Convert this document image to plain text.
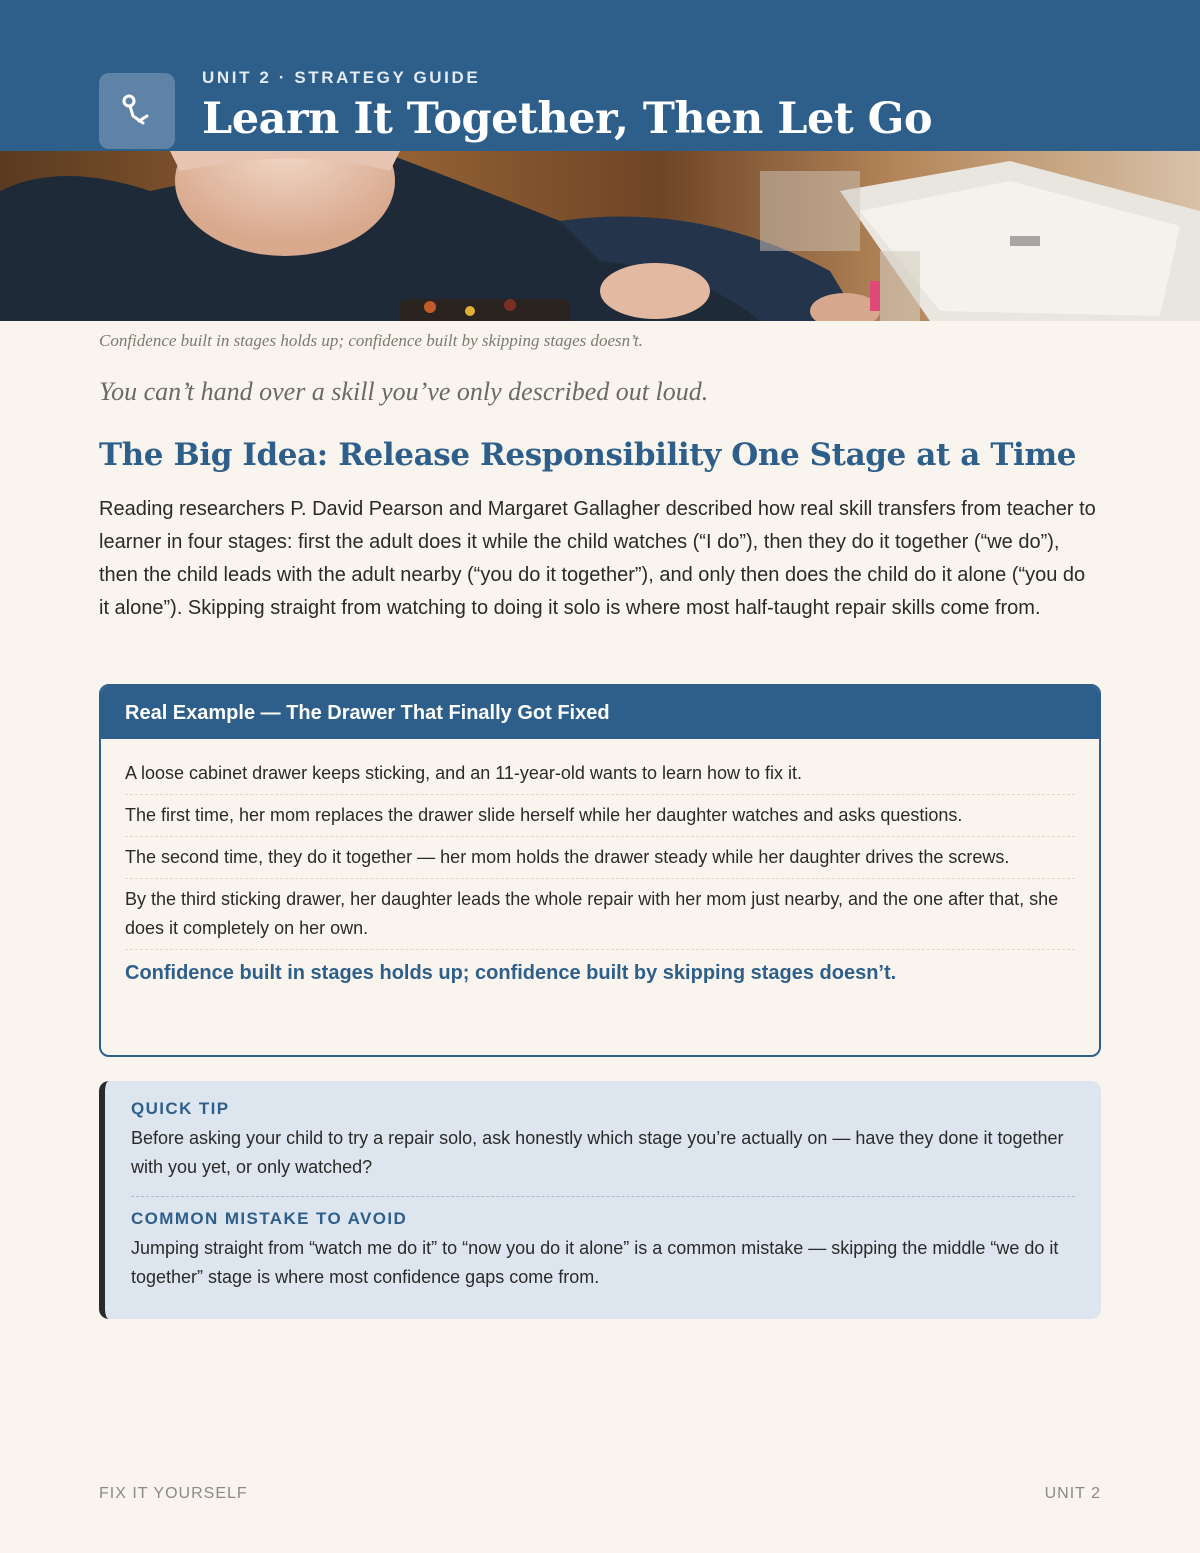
UNIT 2 · STRATEGY GUIDE
Learn It Together, Then Let Go

Confidence built in stages holds up; confidence built by skipping stages doesn’t.

You can’t hand over a skill you’ve only described out loud.

The Big Idea: Release Responsibility One Stage at a Time

Reading researchers P. David Pearson and Margaret Gallagher described how real skill transfers from teacher to learner in four stages: first the adult does it while the child watches (“I do”), then they do it together (“we do”), then the child leads with the adult nearby (“you do it together”), and only then does the child do it alone (“you do it alone”). Skipping straight from watching to doing it solo is where most half-taught repair skills come from.

Real Example — The Drawer That Finally Got Fixed
A loose cabinet drawer keeps sticking, and an 11-year-old wants to learn how to fix it.
The first time, her mom replaces the drawer slide herself while her daughter watches and asks questions.
The second time, they do it together — her mom holds the drawer steady while her daughter drives the screws.
By the third sticking drawer, her daughter leads the whole repair with her mom just nearby, and the one after that, she does it completely on her own.
Confidence built in stages holds up; confidence built by skipping stages doesn’t.
QUICK TIP
Before asking your child to try a repair solo, ask honestly which stage you’re actually on — have they done it together with you yet, or only watched?
COMMON MISTAKE TO AVOID
Jumping straight from “watch me do it” to “now you do it alone” is a common mistake — skipping the middle “we do it together” stage is where most confidence gaps come from.
FIX IT YOURSELF	UNIT 2
